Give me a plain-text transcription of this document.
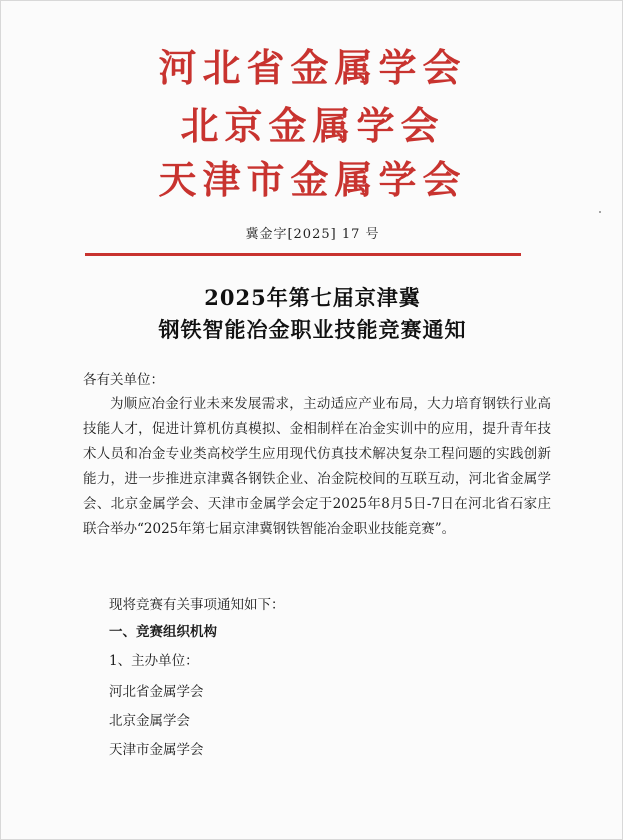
河北省金属学会
北京金属学会
天津市金属学会
冀金字[2025] 17 号
2025年第七届京津冀
钢铁智能冶金职业技能竞赛通知
各有关单位：
为顺应冶金行业未来发展需求，主动适应产业布局，大力培育钢铁行业高技能人才，促进计算机仿真模拟、金相制样在冶金实训中的应用，提升青年技术人员和冶金专业类高校学生应用现代仿真技术解决复杂工程问题的实践创新能力，进一步推进京津冀各钢铁企业、冶金院校间的互联互动，河北省金属学会、北京金属学会、天津市金属学会定于2025年8月5日-7日在河北省石家庄联合举办“2025年第七届京津冀钢铁智能冶金职业技能竞赛”。
现将竞赛有关事项通知如下：
一、竞赛组织机构
1、主办单位：
河北省金属学会
北京金属学会
天津市金属学会
